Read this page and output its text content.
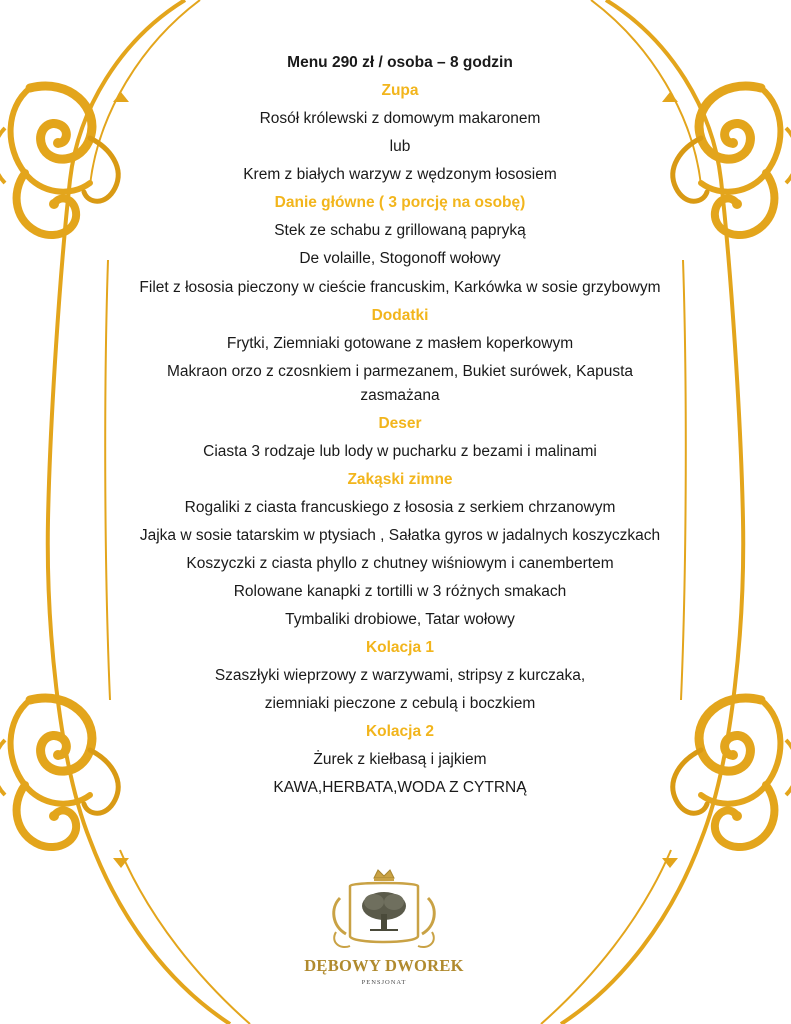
Menu 290 zł / osoba – 8 godzin
Zupa
Rosół królewski z domowym makaronem
lub
Krem z białych warzyw z wędzonym łososiem
Danie główne ( 3 porcję na osobę)
Stek ze schabu z grillowaną papryką
De volaille, Stogonoff wołowy
Filet z łososia pieczony w cieście francuskim, Karkówka w sosie grzybowym
Dodatki
Frytki, Ziemniaki gotowane z masłem koperkowym
Makraon orzo z czosnkiem i parmezanem, Bukiet surówek, Kapusta
zasmażana
Deser
Ciasta 3 rodzaje lub lody w pucharku z bezami i malinami
Zakąski zimne
Rogaliki z ciasta francuskiego z łososia z serkiem chrzanowym
Jajka w sosie tatarskim w ptysiach , Sałatka gyros w jadalnych koszyczkach
Koszyczki z ciasta phyllo z chutney wiśniowym i canembertem
Rolowane kanapki z tortilli w 3 różnych smakach
Tymbaliki drobiowe, Tatar wołowy
Kolacja 1
Szaszłyki wieprzowy z warzywami, stripsy z kurczaka,
ziemniaki pieczone z cebulą i boczkiem
Kolacja 2
Żurek z kiełbasą i jajkiem
KAWA,HERBATA,WODA Z CYTRNĄ
DĘBOWY DWOREK
PENSJONAT
